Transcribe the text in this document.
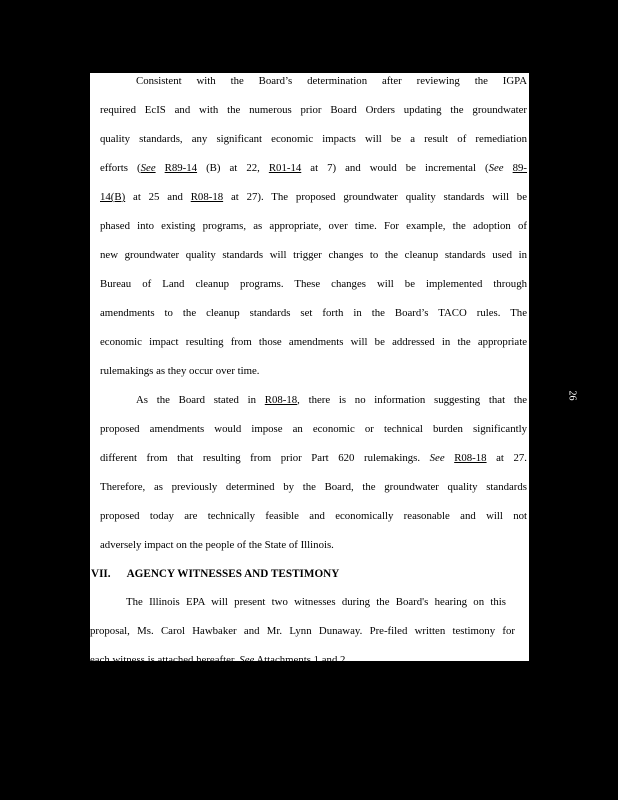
Consistent with the Board’s determination after reviewing the IGPA
required EcIS and with the numerous prior Board Orders updating the groundwater
quality standards, any significant economic impacts will be a result of remediation
efforts (See R89-14 (B) at 22, R01-14 at 7) and would be incremental (See 89-
14(B) at 25 and R08-18 at 27). The proposed groundwater quality standards will be
phased into existing programs, as appropriate, over time. For example, the adoption of
new groundwater quality standards will trigger changes to the cleanup standards used in
Bureau of Land cleanup programs. These changes will be implemented through
amendments to the cleanup standards set forth in the Board’s TACO rules. The
economic impact resulting from those amendments will be addressed in the appropriate
rulemakings as they occur over time.
As the Board stated in R08-18, there is no information suggesting that the
proposed amendments would impose an economic or technical burden significantly
different from that resulting from prior Part 620 rulemakings. See R08-18 at 27.
Therefore, as previously determined by the Board, the groundwater quality standards
proposed today are technically feasible and economically reasonable and will not
adversely impact on the people of the State of Illinois.
VII. AGENCY WITNESSES AND TESTIMONY
The Illinois EPA will present two witnesses during the Board's hearing on this
proposal, Ms. Carol Hawbaker and Mr. Lynn Dunaway. Pre-filed written testimony for
each witness is attached hereafter. See Attachments 1 and 2.
26
